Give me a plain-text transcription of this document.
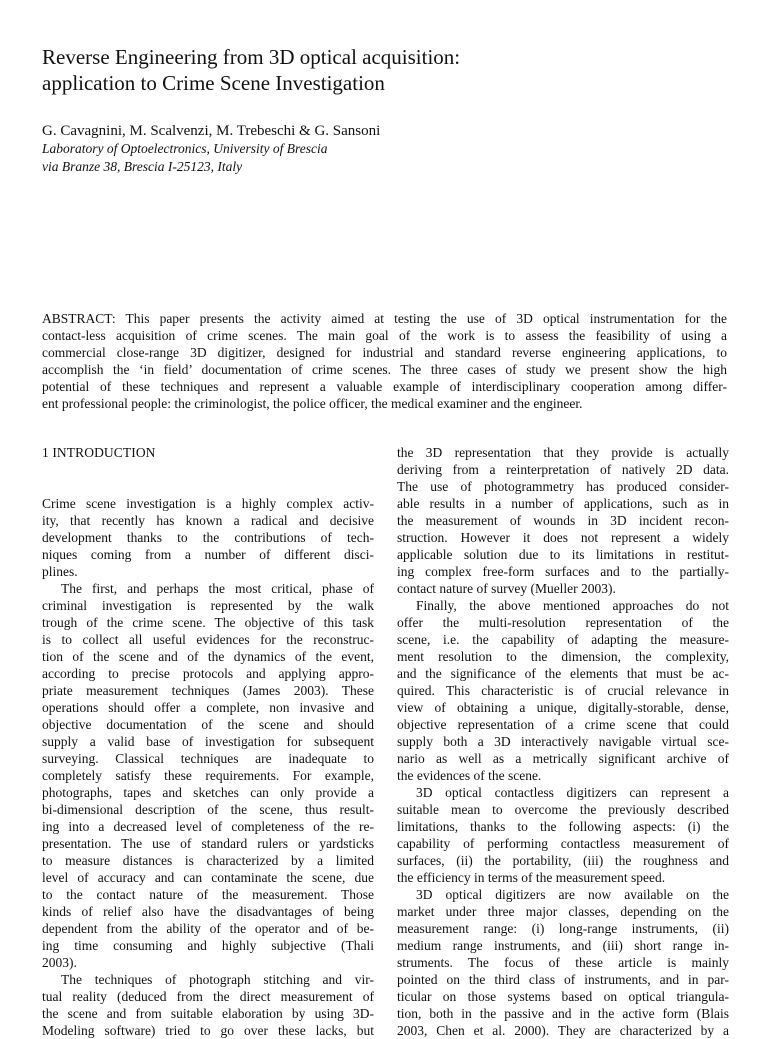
Reverse Engineering from 3D optical acquisition:
application to Crime Scene Investigation
G. Cavagnini, M. Scalvenzi, M. Trebeschi & G. Sansoni
Laboratory of Optoelectronics, University of Brescia
via Branze 38, Brescia I-25123, Italy
ABSTRACT: This paper presents the activity aimed at testing the use of 3D optical instrumentation for the
contact-less acquisition of crime scenes. The main goal of the work is to assess the feasibility of using a
commercial close-range 3D digitizer, designed for industrial and standard reverse engineering applications, to
accomplish the ‘in field’ documentation of crime scenes. The three cases of study we present show the high
potential of these techniques and represent a valuable example of interdisciplinary cooperation among differ-
ent professional people: the criminologist, the police officer, the medical examiner and the engineer.
1 INTRODUCTION
Crime scene investigation is a highly complex activ-
ity, that recently has known a radical and decisive
development thanks to the contributions of tech-
niques coming from a number of different disci-
plines.
The first, and perhaps the most critical, phase of
criminal investigation is represented by the walk
trough of the crime scene. The objective of this task
is to collect all useful evidences for the reconstruc-
tion of the scene and of the dynamics of the event,
according to precise protocols and applying appro-
priate measurement techniques (James 2003). These
operations should offer a complete, non invasive and
objective documentation of the scene and should
supply a valid base of investigation for subsequent
surveying. Classical techniques are inadequate to
completely satisfy these requirements. For example,
photographs, tapes and sketches can only provide a
bi-dimensional description of the scene, thus result-
ing into a decreased level of completeness of the re-
presentation. The use of standard rulers or yardsticks
to measure distances is characterized by a limited
level of accuracy and can contaminate the scene, due
to the contact nature of the measurement. Those
kinds of relief also have the disadvantages of being
dependent from the ability of the operator and of be-
ing time consuming and highly subjective (Thali
2003).
The techniques of photograph stitching and vir-
tual reality (deduced from the direct measurement of
the scene and from suitable elaboration by using 3D-
Modeling software) tried to go over these lacks, but
the 3D representation that they provide is actually
deriving from a reinterpretation of natively 2D data.
The use of photogrammetry has produced consider-
able results in a number of applications, such as in
the measurement of wounds in 3D incident recon-
struction. However it does not represent a widely
applicable solution due to its limitations in restitut-
ing complex free-form surfaces and to the partially-
contact nature of survey (Mueller 2003).
Finally, the above mentioned approaches do not
offer the multi-resolution representation of the
scene, i.e. the capability of adapting the measure-
ment resolution to the dimension, the complexity,
and the significance of the elements that must be ac-
quired. This characteristic is of crucial relevance in
view of obtaining a unique, digitally-storable, dense,
objective representation of a crime scene that could
supply both a 3D interactively navigable virtual sce-
nario as well as a metrically significant archive of
the evidences of the scene.
3D optical contactless digitizers can represent a
suitable mean to overcome the previously described
limitations, thanks to the following aspects: (i) the
capability of performing contactless measurement of
surfaces, (ii) the portability, (iii) the roughness and
the efficiency in terms of the measurement speed.
3D optical digitizers are now available on the
market under three major classes, depending on the
measurement range: (i) long-range instruments, (ii)
medium range instruments, and (iii) short range in-
struments. The focus of these article is mainly
pointed on the third class of instruments, and in par-
ticular on those systems based on optical triangula-
tion, both in the passive and in the active form (Blais
2003, Chen et al. 2000). They are characterized by a
